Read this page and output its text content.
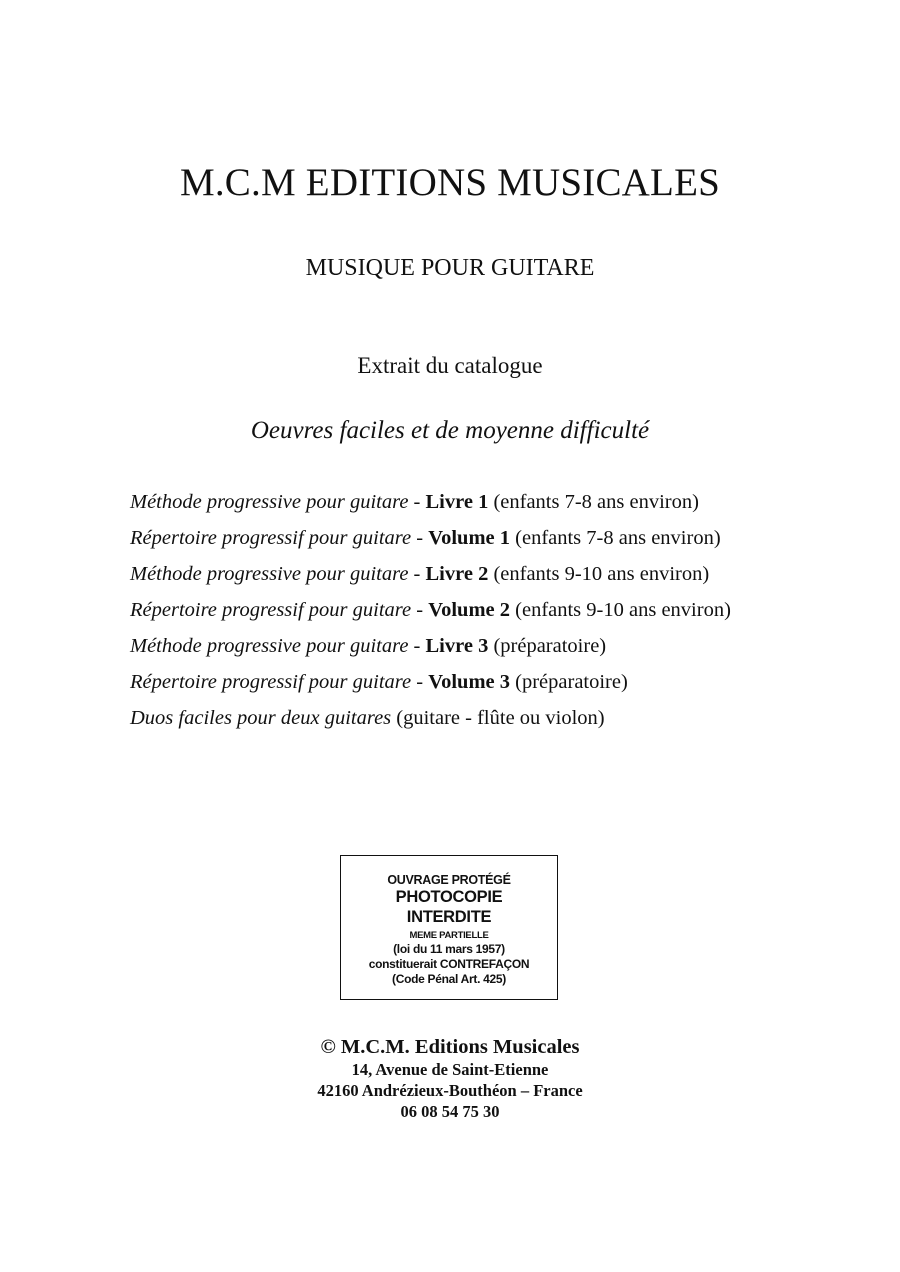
M.C.M EDITIONS MUSICALES
MUSIQUE POUR GUITARE

Extrait du catalogue

Oeuvres faciles et de moyenne difficulté

Méthode progressive pour guitare - Livre 1 (enfants 7-8 ans environ)
Répertoire progressif pour guitare - Volume 1 (enfants 7-8 ans environ)
Méthode progressive pour guitare - Livre 2 (enfants 9-10 ans environ)
Répertoire progressif pour guitare - Volume 2 (enfants 9-10 ans environ)
Méthode progressive pour guitare - Livre 3 (préparatoire)
Répertoire progressif pour guitare - Volume 3 (préparatoire)
Duos faciles pour deux guitares (guitare - flûte ou violon)
OUVRAGE PROTÉGÉ
PHOTOCOPIE
INTERDITE
MEME PARTIELLE
(loi du 11 mars 1957)
constituerait CONTREFAÇON
(Code Pénal Art. 425)
© M.C.M. Editions Musicales
14, Avenue de Saint-Etienne
42160 Andrézieux-Bouthéon – France
06 08 54 75 30
